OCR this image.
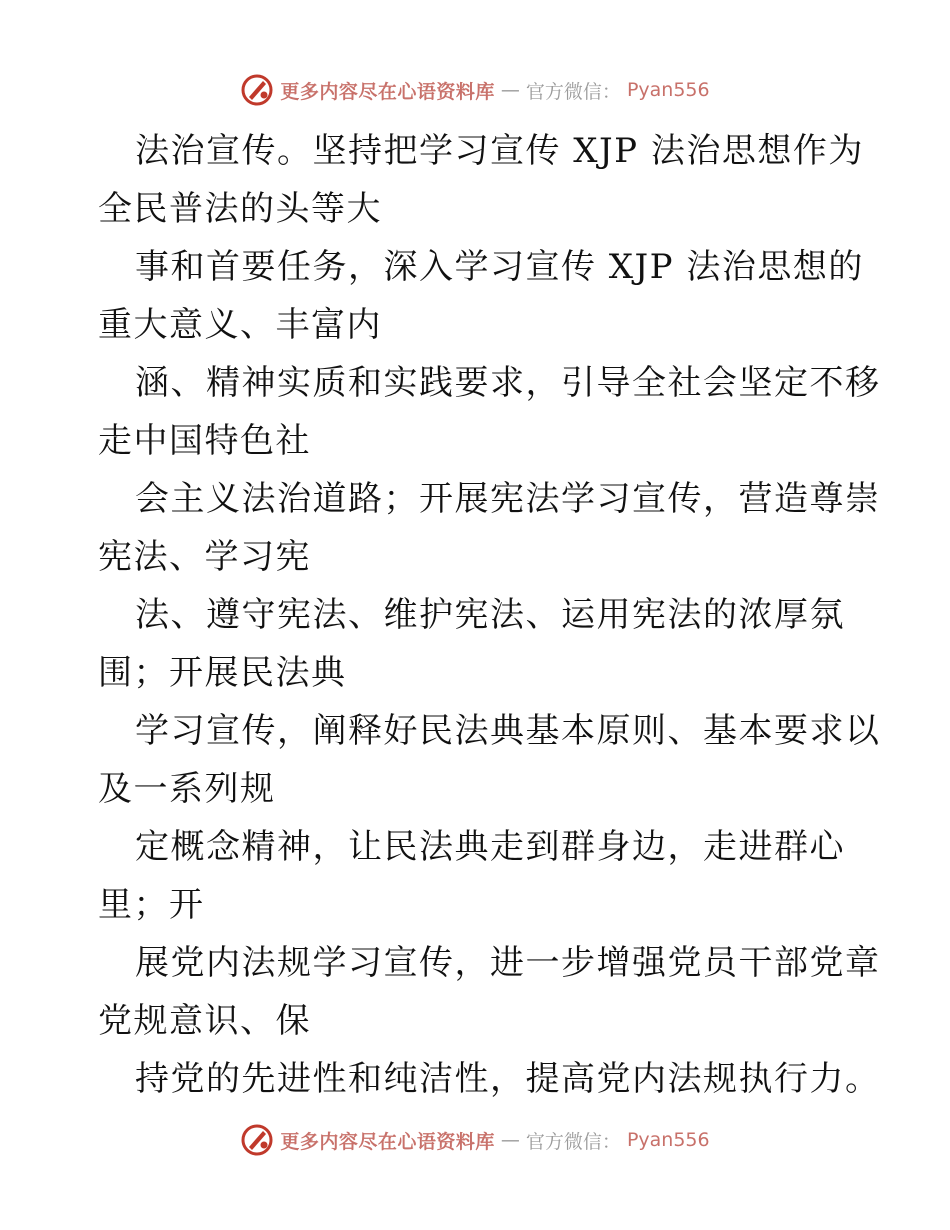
更多内容尽在心语资料库 — 官方微信： Pyan556
法治宣传。坚持把学习宣传 XJP 法治思想作为
全民普法的头等大
事和首要任务，深入学习宣传 XJP 法治思想的
重大意义、丰富内
涵、精神实质和实践要求，引导全社会坚定不移
走中国特色社
会主义法治道路；开展宪法学习宣传，营造尊崇
宪法、学习宪
法、遵守宪法、维护宪法、运用宪法的浓厚氛
围；开展民法典
学习宣传，阐释好民法典基本原则、基本要求以
及一系列规
定概念精神，让民法典走到群身边，走进群心
里；开
展党内法规学习宣传，进一步增强党员干部党章
党规意识、保
持党的先进性和纯洁性，提高党内法规执行力。
更多内容尽在心语资料库 — 官方微信： Pyan556
